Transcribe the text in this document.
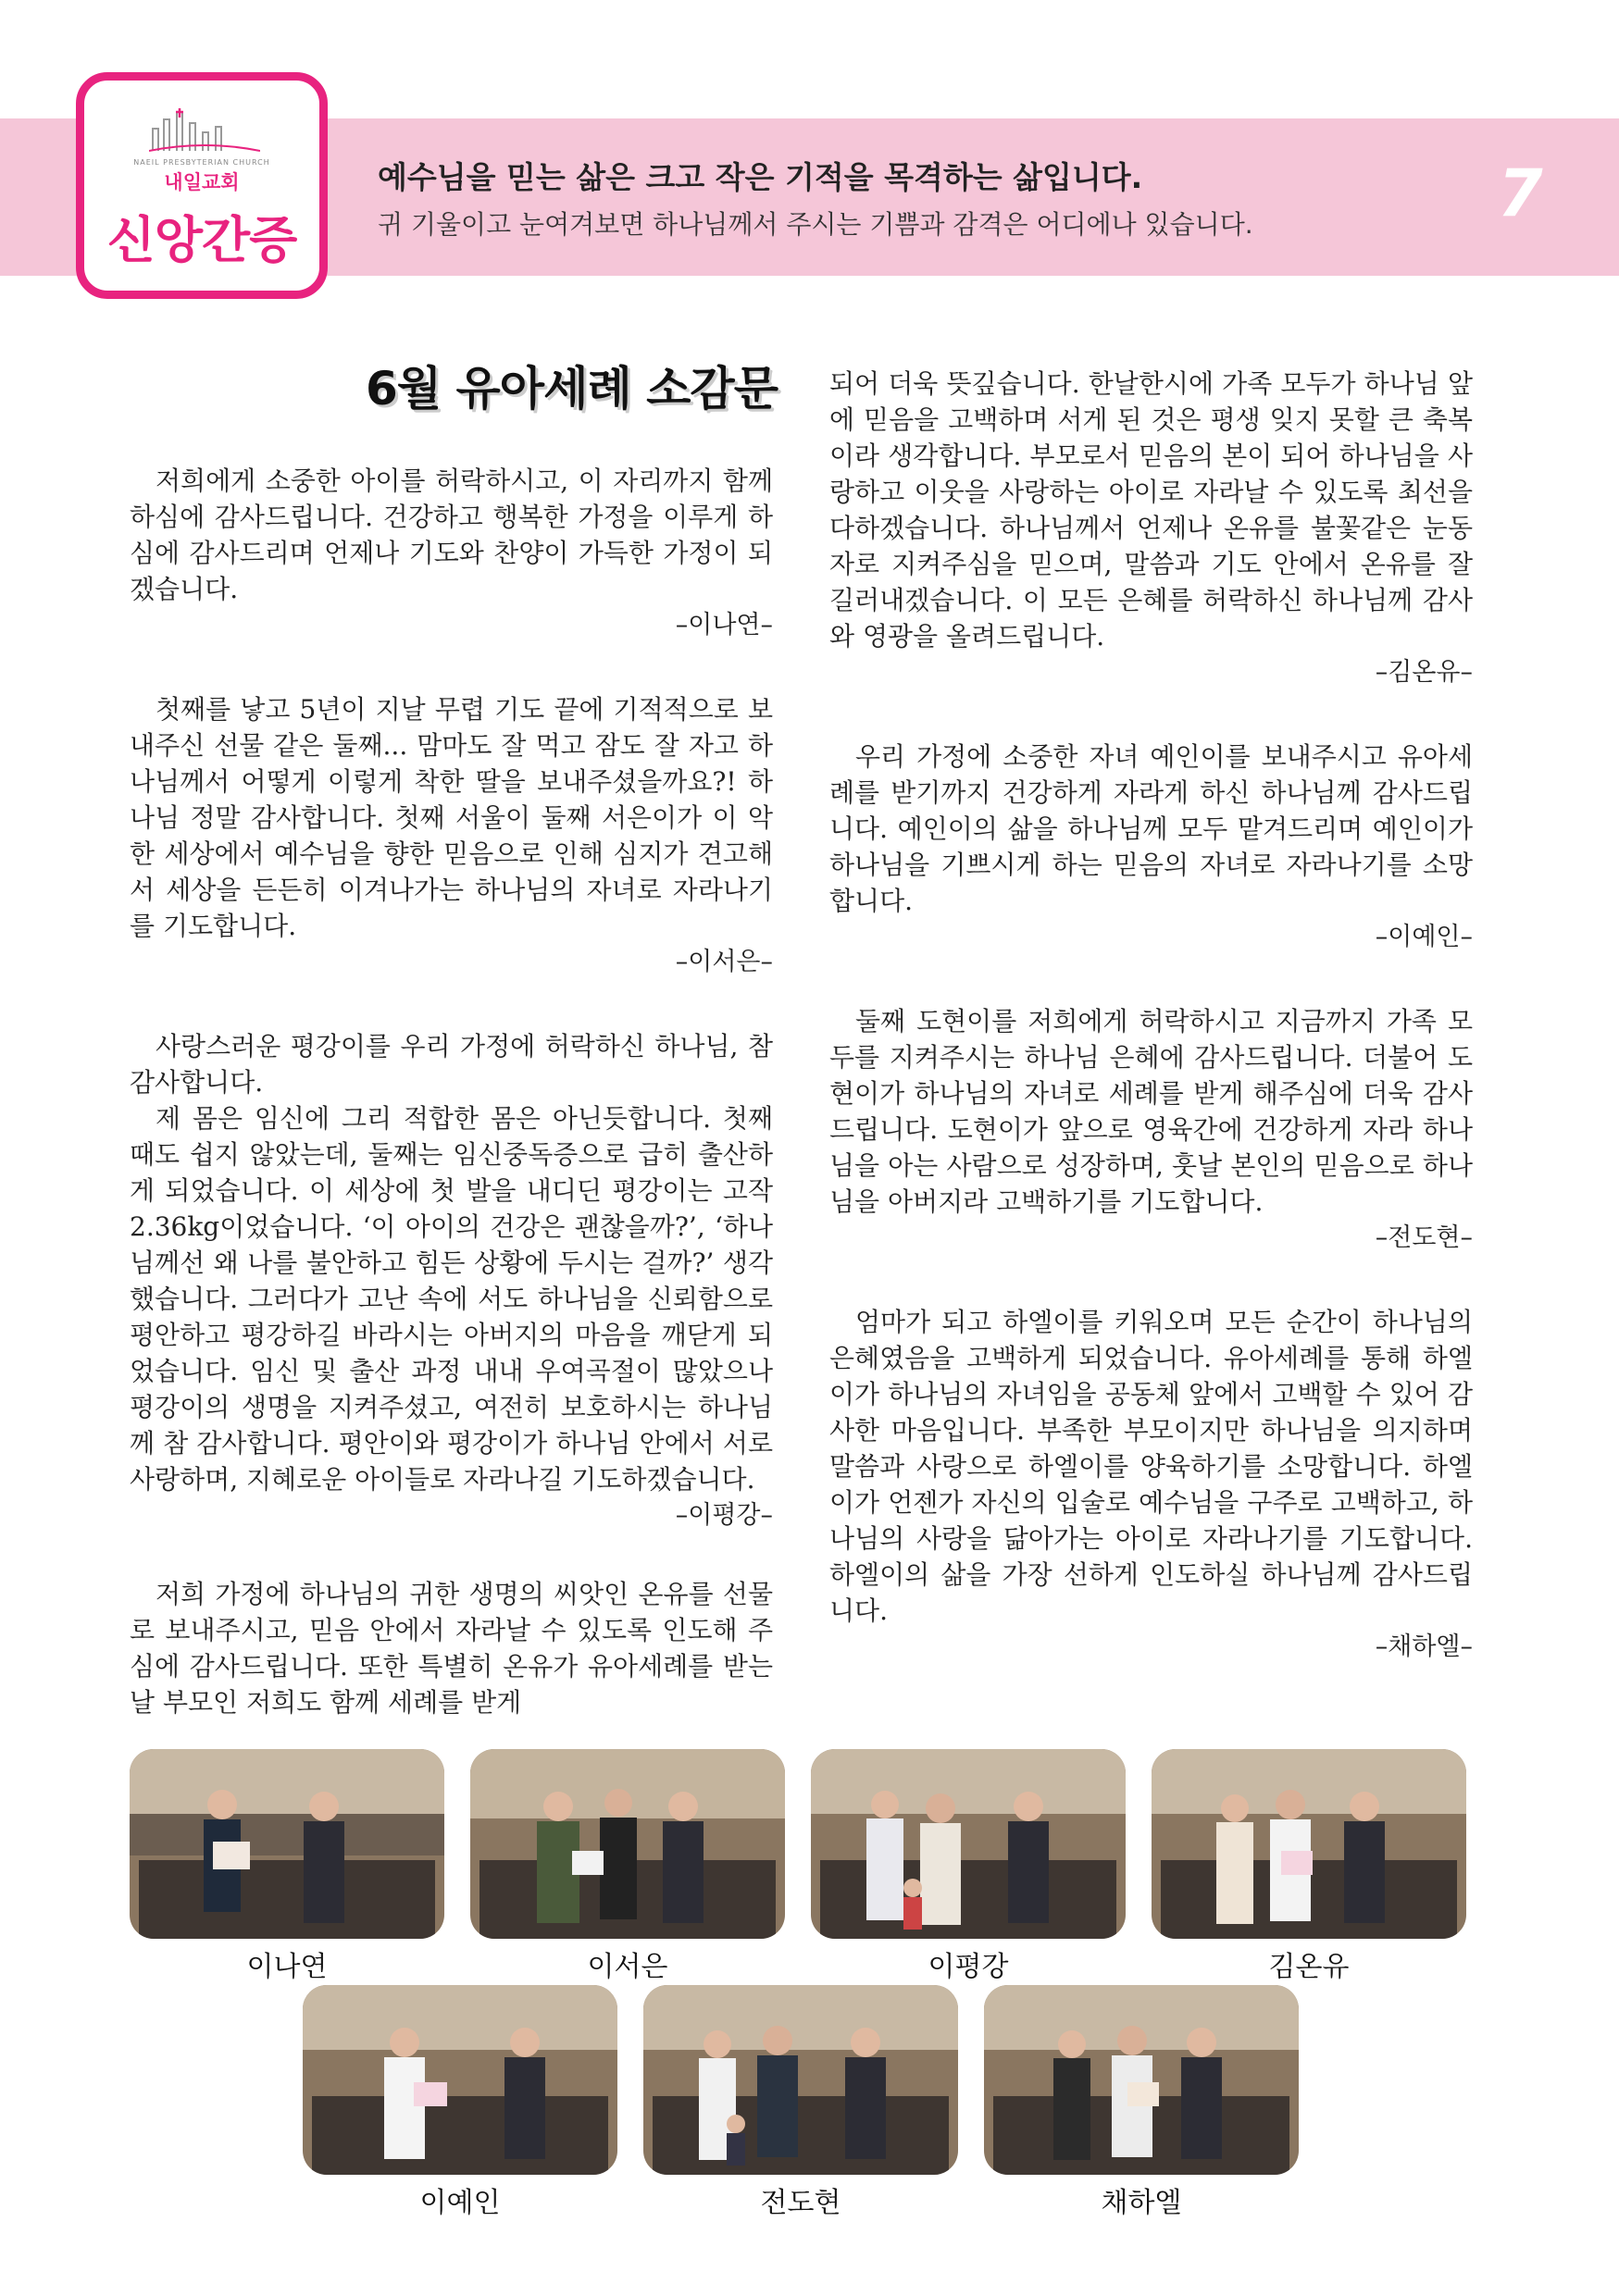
NAEIL PRESBYTERIAN CHURCH
내일교회
신앙간증
예수님을 믿는 삶은 크고 작은 기적을 목격하는 삶입니다.
귀 기울이고 눈여겨보면 하나님께서 주시는 기쁨과 감격은 어디에나 있습니다.	7
6월 유아세례 소감문

저희에게 소중한 아이를 허락하시고, 이 자리까지 함께 하심에 감사드립니다. 건강하고 행복한 가정을 이루게 하심에 감사드리며 언제나 기도와 찬양이 가득한 가정이 되겠습니다.

–이나연–

첫째를 낳고 5년이 지날 무렵 기도 끝에 기적적으로 보내주신 선물 같은 둘째... 맘마도 잘 먹고 잠도 잘 자고 하나님께서 어떻게 이렇게 착한 딸을 보내주셨을까요?! 하나님 정말 감사합니다. 첫째 서울이 둘째 서은이가 이 악한 세상에서 예수님을 향한 믿음으로 인해 심지가 견고해서 세상을 든든히 이겨나가는 하나님의 자녀로 자라나기를 기도합니다.

–이서은–

사랑스러운 평강이를 우리 가정에 허락하신 하나님, 참 감사합니다.

제 몸은 임신에 그리 적합한 몸은 아닌듯합니다. 첫째 때도 쉽지 않았는데, 둘째는 임신중독증으로 급히 출산하게 되었습니다. 이 세상에 첫 발을 내디딘 평강이는 고작 2.36kg이었습니다. ‘이 아이의 건강은 괜찮을까?’, ‘하나님께선 왜 나를 불안하고 힘든 상황에 두시는 걸까?’ 생각했습니다. 그러다가 고난 속에 서도 하나님을 신뢰함으로 평안하고 평강하길 바라시는 아버지의 마음을 깨닫게 되었습니다. 임신 및 출산 과정 내내 우여곡절이 많았으나 평강이의 생명을 지켜주셨고, 여전히 보호하시는 하나님께 참 감사합니다. 평안이와 평강이가 하나님 안에서 서로 사랑하며, 지혜로운 아이들로 자라나길 기도하겠습니다.

–이평강–

저희 가정에 하나님의 귀한 생명의 씨앗인 온유를 선물로 보내주시고, 믿음 안에서 자라날 수 있도록 인도해 주심에 감사드립니다. 또한 특별히 온유가 유아세례를 받는 날 부모인 저희도 함께 세례를 받게

되어 더욱 뜻깊습니다. 한날한시에 가족 모두가 하나님 앞에 믿음을 고백하며 서게 된 것은 평생 잊지 못할 큰 축복이라 생각합니다. 부모로서 믿음의 본이 되어 하나님을 사랑하고 이웃을 사랑하는 아이로 자라날 수 있도록 최선을 다하겠습니다. 하나님께서 언제나 온유를 불꽃같은 눈동자로 지켜주심을 믿으며, 말씀과 기도 안에서 온유를 잘 길러내겠습니다. 이 모든 은혜를 허락하신 하나님께 감사와 영광을 올려드립니다.

–김온유–

우리 가정에 소중한 자녀 예인이를 보내주시고 유아세례를 받기까지 건강하게 자라게 하신 하나님께 감사드립니다. 예인이의 삶을 하나님께 모두 맡겨드리며 예인이가 하나님을 기쁘시게 하는 믿음의 자녀로 자라나기를 소망합니다.

–이예인–

둘째 도현이를 저희에게 허락하시고 지금까지 가족 모두를 지켜주시는 하나님 은혜에 감사드립니다. 더불어 도현이가 하나님의 자녀로 세례를 받게 해주심에 더욱 감사드립니다. 도현이가 앞으로 영육간에 건강하게 자라 하나님을 아는 사람으로 성장하며, 훗날 본인의 믿음으로 하나님을 아버지라 고백하기를 기도합니다.

–전도현–

엄마가 되고 하엘이를 키워오며 모든 순간이 하나님의 은혜였음을 고백하게 되었습니다. 유아세례를 통해 하엘이가 하나님의 자녀임을 공동체 앞에서 고백할 수 있어 감사한 마음입니다. 부족한 부모이지만 하나님을 의지하며 말씀과 사랑으로 하엘이를 양육하기를 소망합니다. 하엘이가 언젠가 자신의 입술로 예수님을 구주로 고백하고, 하나님의 사랑을 닮아가는 아이로 자라나기를 기도합니다. 하엘이의 삶을 가장 선하게 인도하실 하나님께 감사드립니다.

–채하엘–
이나연	이서은	이평강	김온유
이예인	전도현	채하엘
